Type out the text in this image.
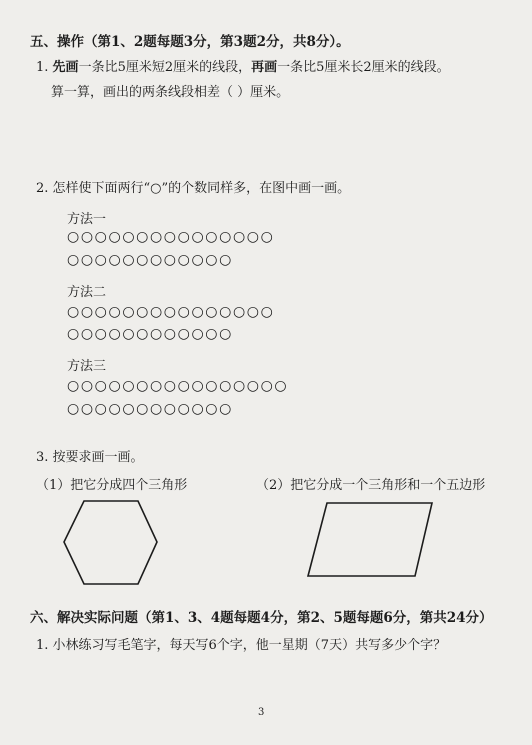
五、操作（第1、2题每题3分，第3题2分，共8分）。
1. 先画一条比5厘米短2厘米的线段，再画一条比5厘米长2厘米的线段。
算一算，画出的两条线段相差（ ）厘米。
2. 怎样使下面两行“○”的个数同样多，在图中画一画。
方法一
○○○○○○○○○○○○○○○
○○○○○○○○○○○○
方法二
○○○○○○○○○○○○○○○
○○○○○○○○○○○○
方法三
○○○○○○○○○○○○○○○○
○○○○○○○○○○○○
3. 按要求画一画。
（1）把它分成四个三角形	（2）把它分成一个三角形和一个五边形
六、解决实际问题（第1、3、4题每题4分，第2、5题每题6分，第共24分）
1. 小林练习写毛笔字，每天写6个字，他一星期（7天）共写多少个字？
3
